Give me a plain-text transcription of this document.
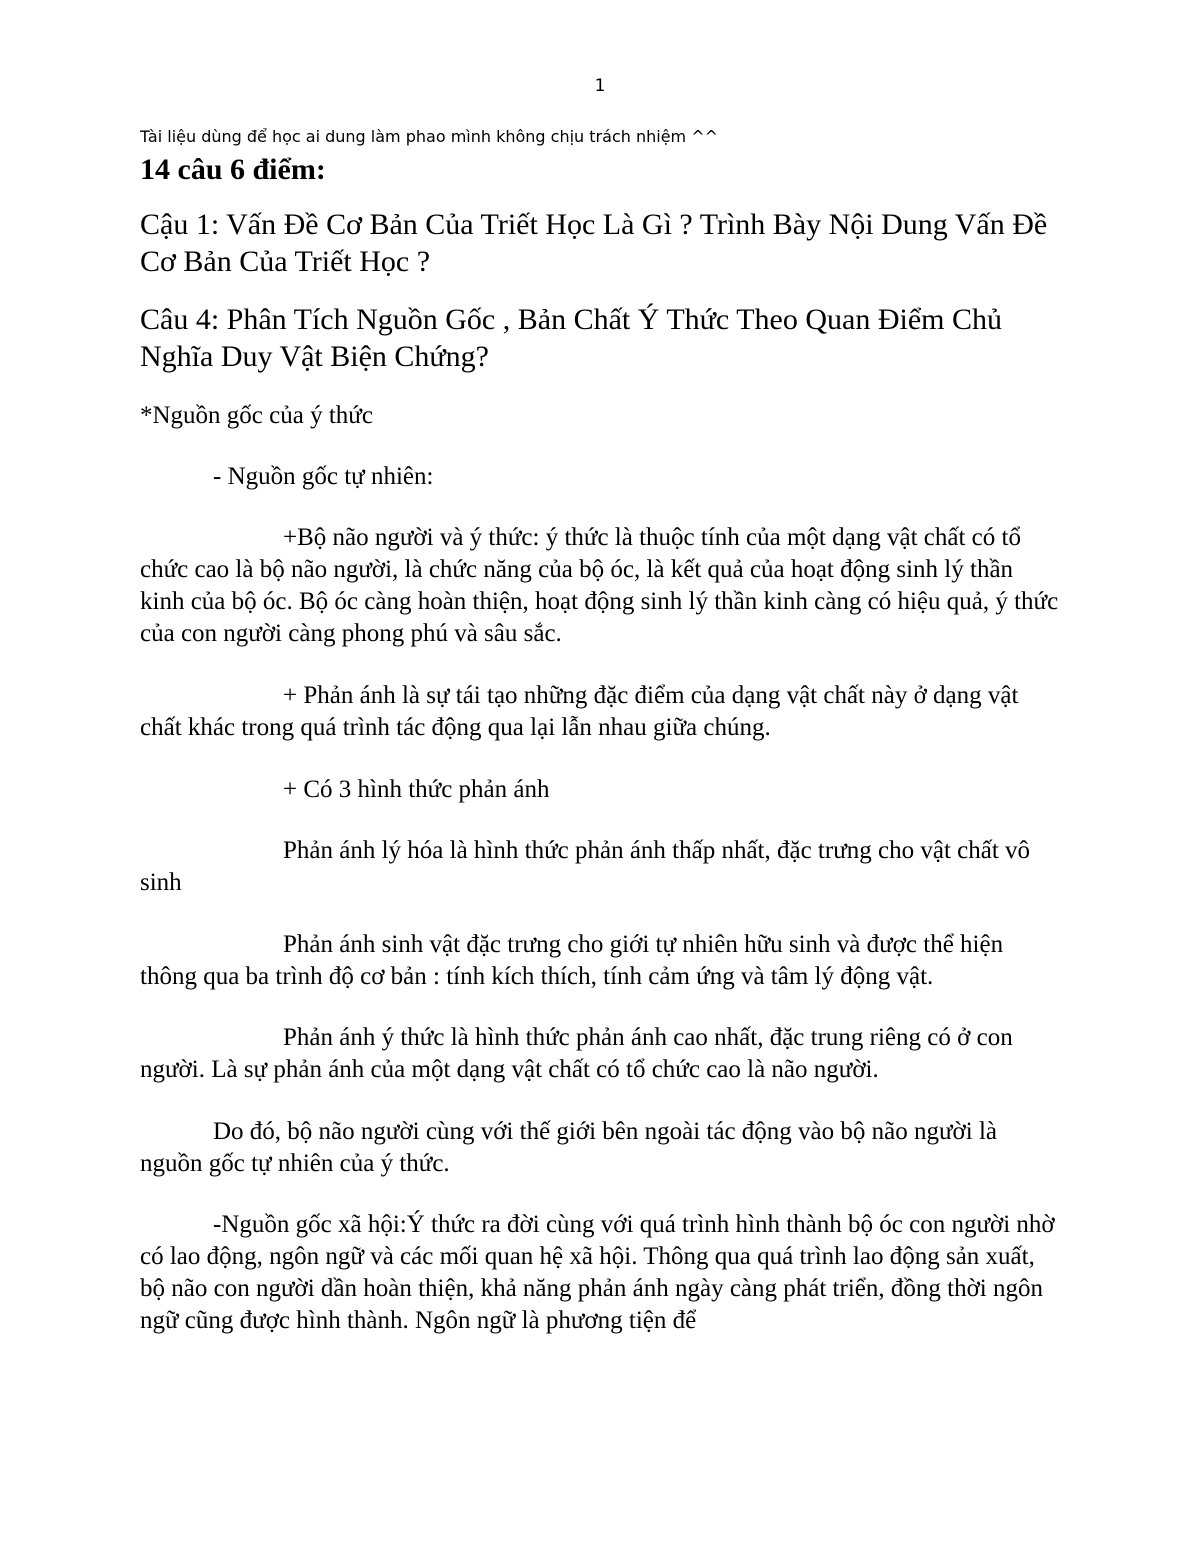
1

Tài liệu dùng để học ai dung làm phao mình không chịu trách nhiệm ^^

14 câu 6 điểm:

Cậu 1: Vấn Đề Cơ Bản Của Triết Học Là Gì ? Trình Bày Nội Dung Vấn Đề Cơ Bản Của Triết Học ?

Câu 4: Phân Tích Nguồn Gốc , Bản Chất Ý Thức Theo Quan Điểm Chủ Nghĩa Duy Vật Biện Chứng?

*Nguồn gốc của ý thức

- Nguồn gốc tự nhiên:

+Bộ não người và ý thức: ý thức là thuộc tính của một dạng vật chất có tổ chức cao là bộ não người, là chức năng của bộ óc, là kết quả của hoạt động sinh lý thần kinh của bộ óc. Bộ óc càng hoàn thiện, hoạt động sinh lý thần kinh càng có hiệu quả, ý thức của con người càng phong phú và sâu sắc.

+ Phản ánh là sự tái tạo những đặc điểm của dạng vật chất này ở dạng vật chất khác trong quá trình tác động qua lại lẫn nhau giữa chúng.

+ Có 3 hình thức phản ánh

Phản ánh lý hóa là hình thức phản ánh thấp nhất, đặc trưng cho vật chất vô sinh

Phản ánh sinh vật đặc trưng cho giới tự nhiên hữu sinh và được thể hiện thông qua ba trình độ cơ bản : tính kích thích, tính cảm ứng và tâm lý động vật.

Phản ánh ý thức là hình thức phản ánh cao nhất, đặc trung riêng có ở con người. Là sự phản ánh của một dạng vật chất có tổ chức cao là não người.

Do đó, bộ não người cùng với thế giới bên ngoài tác động vào bộ não người là nguồn gốc tự nhiên của ý thức.

-Nguồn gốc xã hội:Ý thức ra đời cùng với quá trình hình thành bộ óc con người nhờ có lao động, ngôn ngữ và các mối quan hệ xã hội. Thông qua quá trình lao động sản xuất, bộ não con người dần hoàn thiện, khả năng phản ánh ngày càng phát triển, đồng thời ngôn ngữ cũng được hình thành. Ngôn ngữ là phương tiện để
